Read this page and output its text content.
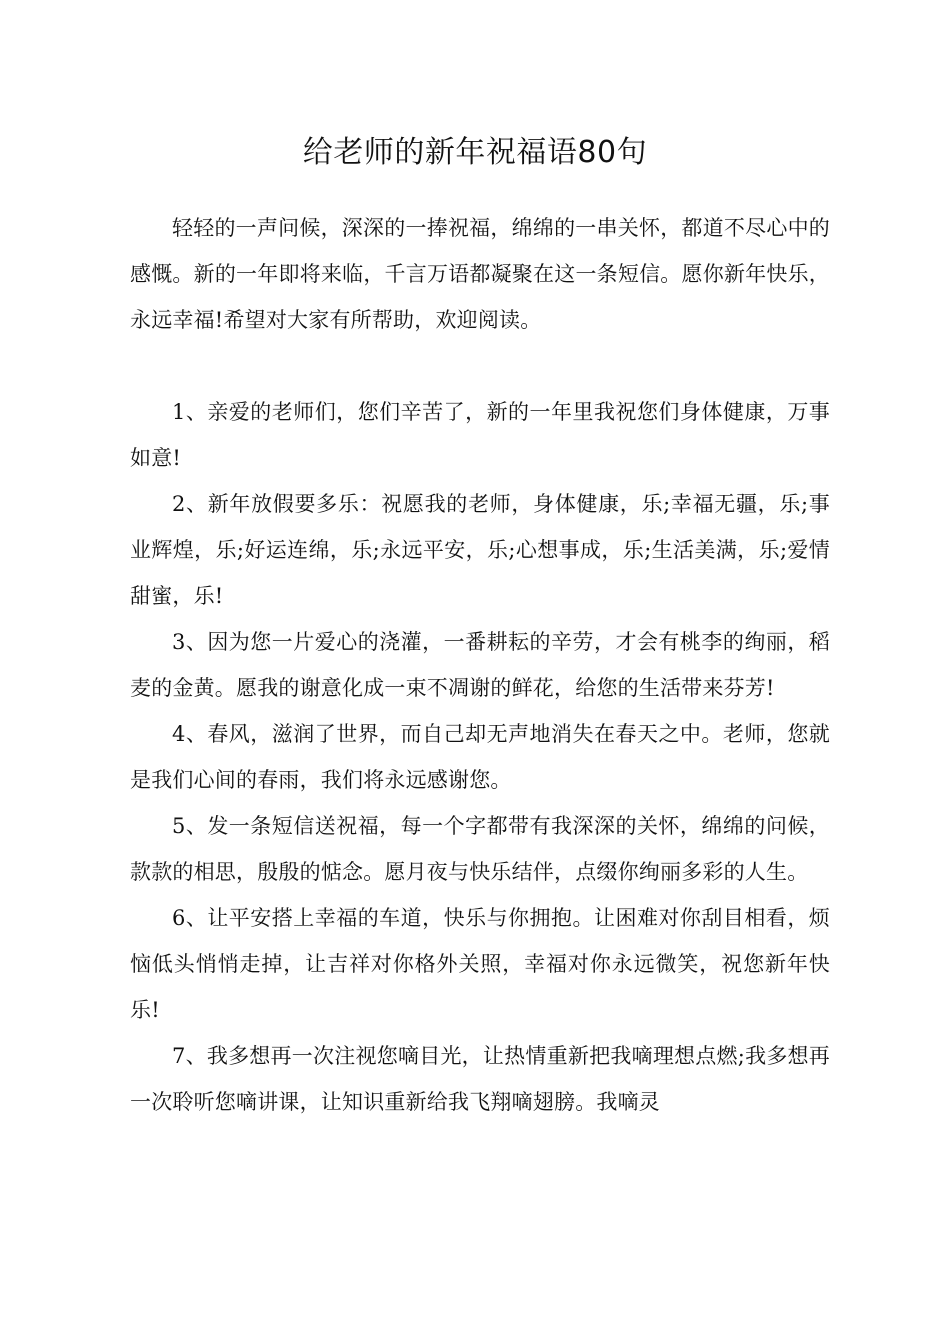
给老师的新年祝福语80句

轻轻的一声问候，深深的一捧祝福，绵绵的一串关怀，都道不尽心中的感慨。新的一年即将来临，千言万语都凝聚在这一条短信。愿你新年快乐，永远幸福!希望对大家有所帮助，欢迎阅读。

1、亲爱的老师们，您们辛苦了，新的一年里我祝您们身体健康，万事如意!

2、新年放假要多乐：祝愿我的老师，身体健康，乐;幸福无疆，乐;事业辉煌，乐;好运连绵，乐;永远平安，乐;心想事成，乐;生活美满，乐;爱情甜蜜，乐!

3、因为您一片爱心的浇灌，一番耕耘的辛劳，才会有桃李的绚丽，稻麦的金黄。愿我的谢意化成一束不凋谢的鲜花，给您的生活带来芬芳!

4、春风，滋润了世界，而自己却无声地消失在春天之中。老师，您就是我们心间的春雨，我们将永远感谢您。

5、发一条短信送祝福，每一个字都带有我深深的关怀，绵绵的问候，款款的相思，殷殷的惦念。愿月夜与快乐结伴，点缀你绚丽多彩的人生。

6、让平安搭上幸福的车道，快乐与你拥抱。让困难对你刮目相看，烦恼低头悄悄走掉，让吉祥对你格外关照，幸福对你永远微笑，祝您新年快乐!

7、我多想再一次注视您嘀目光，让热情重新把我嘀理想点燃;我多想再一次聆听您嘀讲课，让知识重新给我飞翔嘀翅膀。我嘀灵
